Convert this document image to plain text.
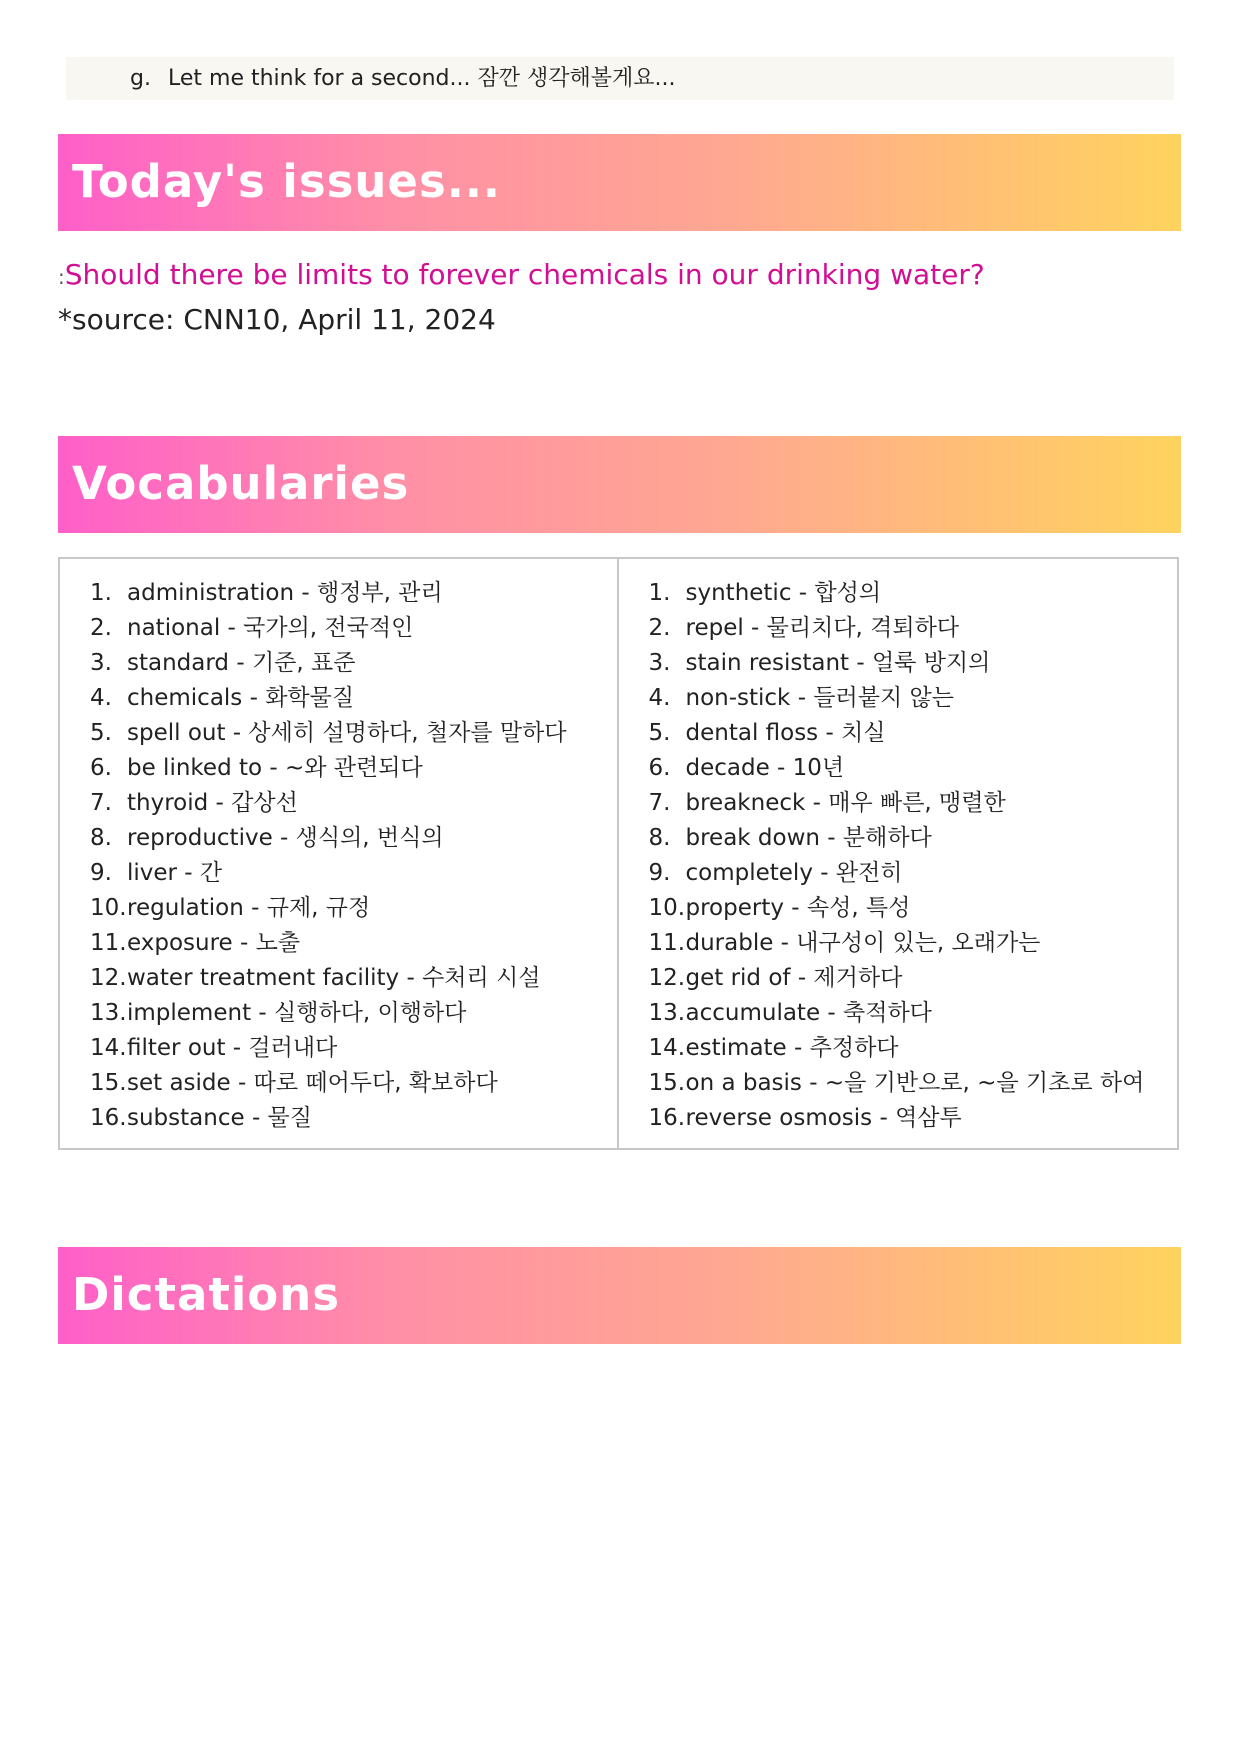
g. Let me think for a second... 잠깐 생각해볼게요...
Today's issues...
:Should there be limits to forever chemicals in our drinking water?
*source: CNN10, April 11, 2024
Vocabularies
1. administration - 행정부, 관리
2. national - 국가의, 전국적인
3. standard - 기준, 표준
4. chemicals - 화학물질
5. spell out - 상세히 설명하다, 철자를 말하다
6. be linked to - ~와 관련되다
7. thyroid - 갑상선
8. reproductive - 생식의, 번식의
9. liver - 간
10. regulation - 규제, 규정
11. exposure - 노출
12. water treatment facility - 수처리 시설
13. implement - 실행하다, 이행하다
14. filter out - 걸러내다
15. set aside - 따로 떼어두다, 확보하다
16. substance - 물질
1. synthetic - 합성의
2. repel - 물리치다, 격퇴하다
3. stain resistant - 얼룩 방지의
4. non-stick - 들러붙지 않는
5. dental floss - 치실
6. decade - 10년
7. breakneck - 매우 빠른, 맹렬한
8. break down - 분해하다
9. completely - 완전히
10. property - 속성, 특성
11. durable - 내구성이 있는, 오래가는
12. get rid of - 제거하다
13. accumulate - 축적하다
14. estimate - 추정하다
15. on a basis - ~을 기반으로, ~을 기초로 하여
16. reverse osmosis - 역삼투
Dictations
